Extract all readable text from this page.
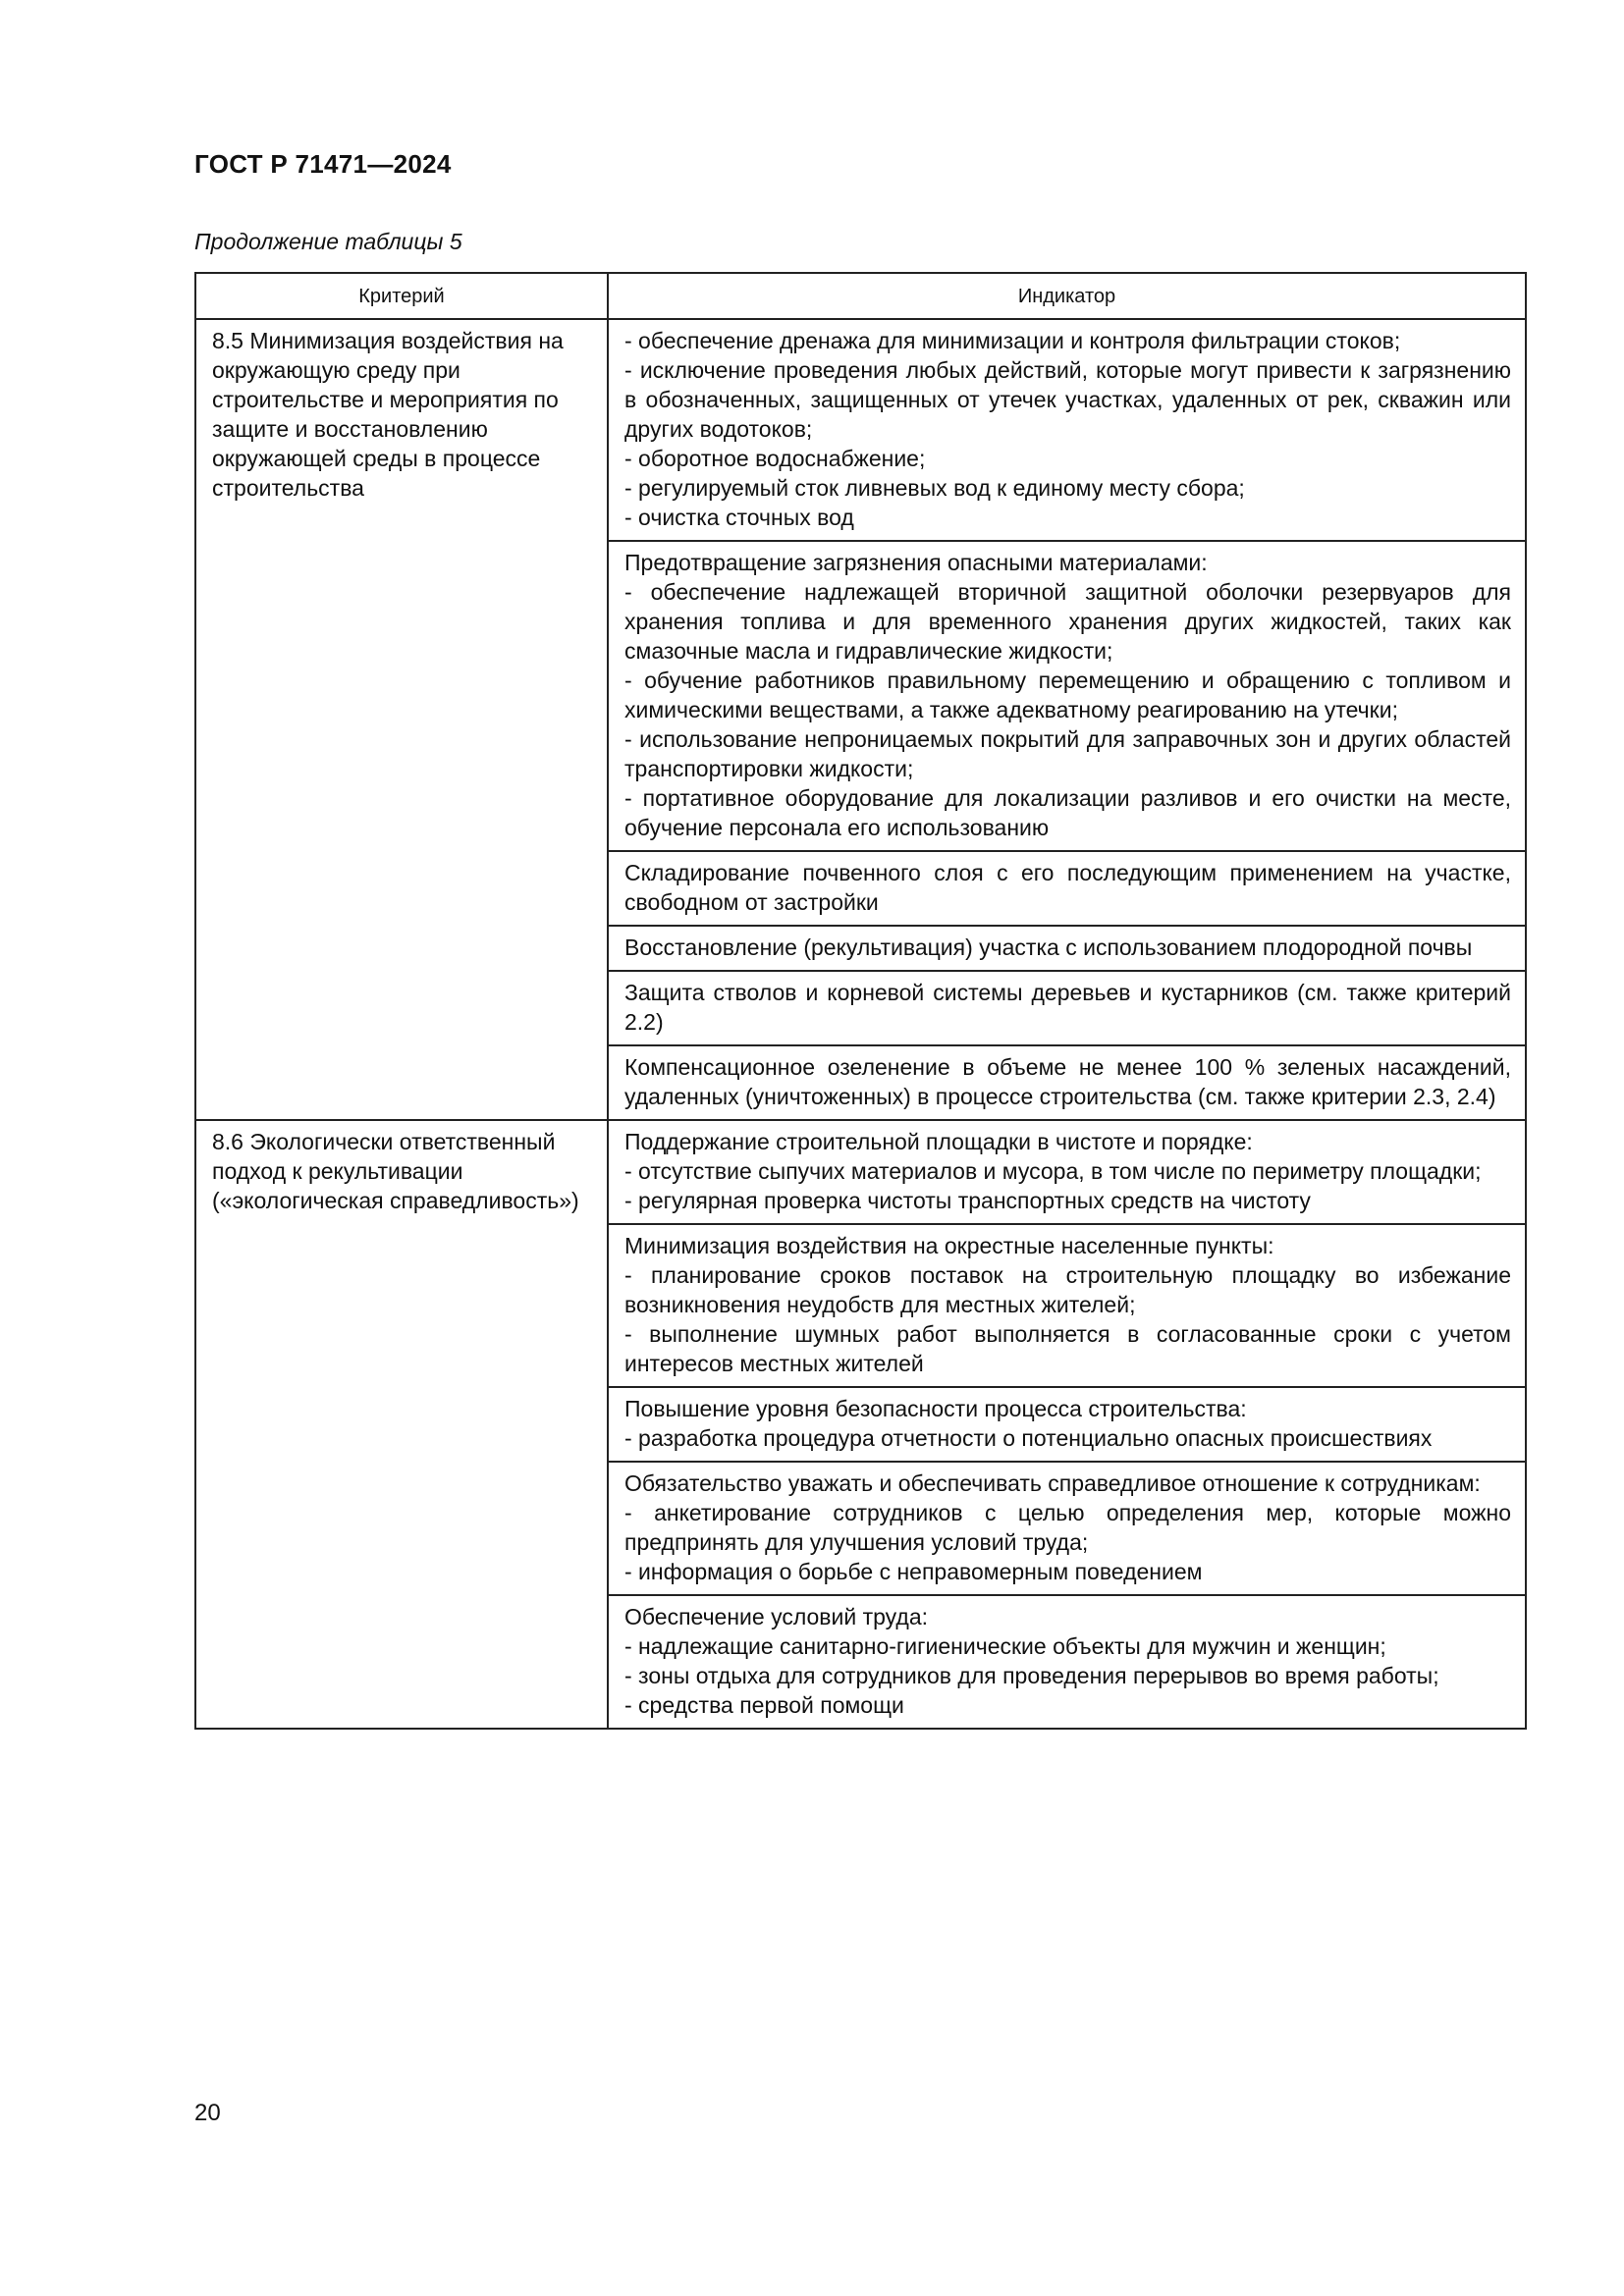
ГОСТ Р 71471—2024
Продолжение таблицы 5
Критерий	Индикатор
8.5 Минимизация воздействия на окружающую среду при строительстве и мероприятия по защите и восстановлению окружающей среды в процессе строительства	- обеспечение дренажа для минимизации и контроля фильтрации стоков;
- исключение проведения любых действий, которые могут привести к загрязнению в обозначенных, защищенных от утечек участках, удаленных от рек, скважин или других водотоков;
- оборотное водоснабжение;
- регулируемый сток ливневых вод к единому месту сбора;
- очистка сточных вод

	Предотвращение загрязнения опасными материалами:
- обеспечение надлежащей вторичной защитной оболочки резервуаров для хранения топлива и для временного хранения других жидкостей, таких как смазочные масла и гидравлические жидкости;
- обучение работников правильному перемещению и обращению с топливом и химическими веществами, а также адекватному реагированию на утечки;
- использование непроницаемых покрытий для заправочных зон и других областей транспортировки жидкости;
- портативное оборудование для локализации разливов и его очистки на месте, обучение персонала его использованию

	Складирование почвенного слоя с его последующим применением на участке, свободном от застройки

	Восстановление (рекультивация) участка с использованием плодородной почвы

	Защита стволов и корневой системы деревьев и кустарников (см. также критерий 2.2)

	Компенсационное озеленение в объеме не менее 100 % зеленых насаждений, удаленных (уничтоженных) в процессе строительства (см. также критерии 2.3, 2.4)

8.6 Экологически ответственный подход к рекультивации («экологическая справедливость»)	Поддержание строительной площадки в чистоте и порядке:
- отсутствие сыпучих материалов и мусора, в том числе по периметру площадки;
- регулярная проверка чистоты транспортных средств на чистоту

	Минимизация воздействия на окрестные населенные пункты:
- планирование сроков поставок на строительную площадку во избежание возникновения неудобств для местных жителей;
- выполнение шумных работ выполняется в согласованные сроки с учетом интересов местных жителей

	Повышение уровня безопасности процесса строительства:
- разработка процедура отчетности о потенциально опасных происшествиях

	Обязательство уважать и обеспечивать справедливое отношение к сотрудникам:
- анкетирование сотрудников с целью определения мер, которые можно предпринять для улучшения условий труда;
- информация о борьбе с неправомерным поведением

	Обеспечение условий труда:
- надлежащие санитарно-гигиенические объекты для мужчин и женщин;
- зоны отдыха для сотрудников для проведения перерывов во время работы;
- средства первой помощи
20
